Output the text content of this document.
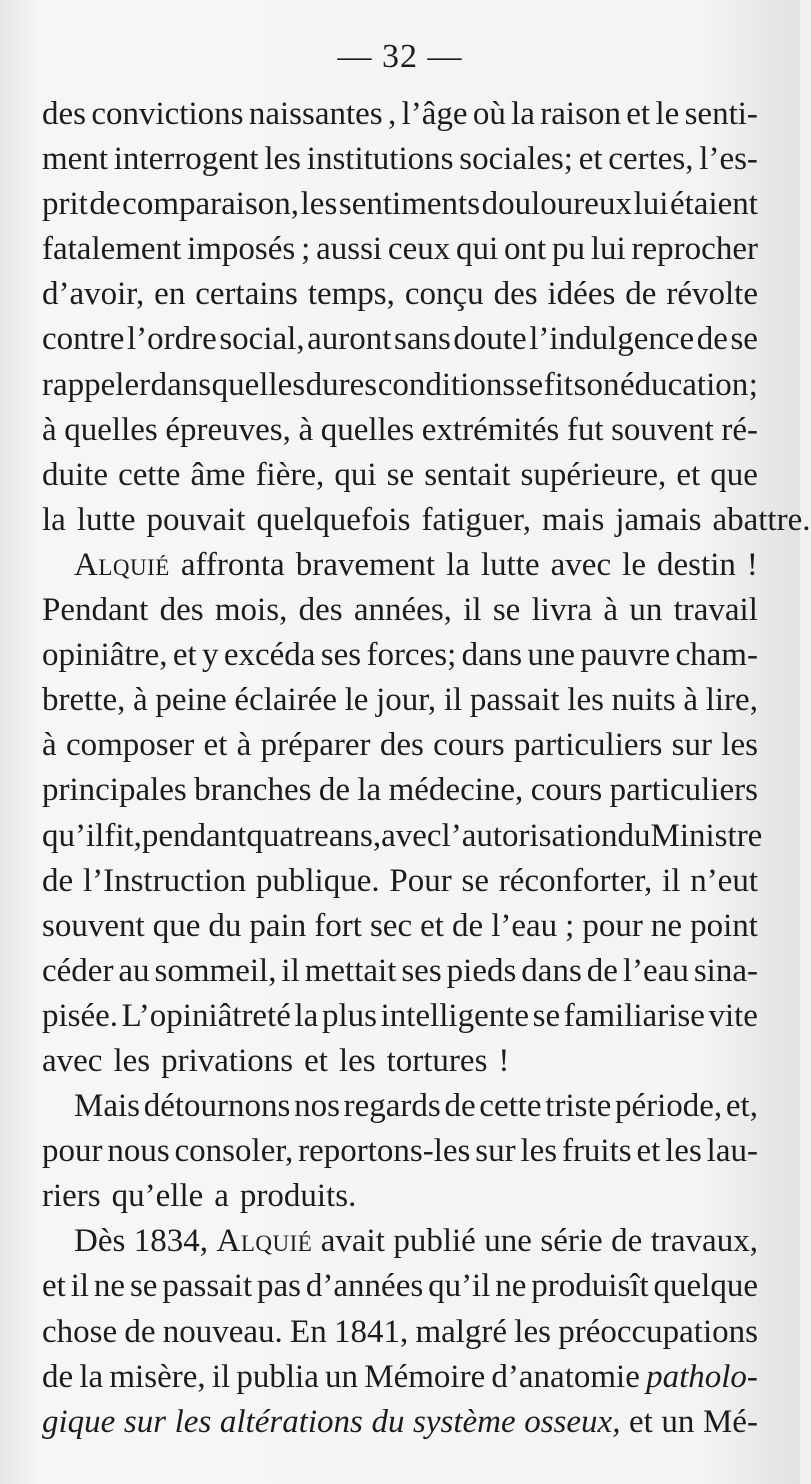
— 32 —
des convictions naissantes , l’âge où la raison et le senti-
ment interrogent les institutions sociales; et certes, l’es-
prit de comparaison, les sentiments douloureux lui étaient
fatalement imposés ; aussi ceux qui ont pu lui reprocher
d’avoir, en certains temps, conçu des idées de révolte
contre l’ordre social, auront sans doute l’indulgence de se
rappeler dans quelles dures conditions se fit son éducation ;
à quelles épreuves, à quelles extrémités fut souvent ré-
duite cette âme fière, qui se sentait supérieure, et que
la lutte pouvait quelquefois fatiguer, mais jamais abattre.
Alquié affronta bravement la lutte avec le destin !
Pendant des mois, des années, il se livra à un travail
opiniâtre, et y excéda ses forces; dans une pauvre cham-
brette, à peine éclairée le jour, il passait les nuits à lire,
à composer et à préparer des cours particuliers sur les
principales branches de la médecine, cours particuliers
qu’il fit, pendant quatre ans, avec l’autorisation du Ministre
de l’Instruction publique. Pour se réconforter, il n’eut
souvent que du pain fort sec et de l’eau ; pour ne point
céder au sommeil, il mettait ses pieds dans de l’eau sina-
pisée. L’opiniâtreté la plus intelligente se familiarise vite
avec les privations et les tortures !
Mais détournons nos regards de cette triste période, et,
pour nous consoler, reportons-les sur les fruits et les lau-
riers qu’elle a produits.
Dès 1834, Alquié avait publié une série de travaux,
et il ne se passait pas d’années qu’il ne produisît quelque
chose de nouveau. En 1841, malgré les préoccupations
de la misère, il publia un Mémoire d’anatomie patholo-
gique sur les altérations du système osseux, et un Mé-
